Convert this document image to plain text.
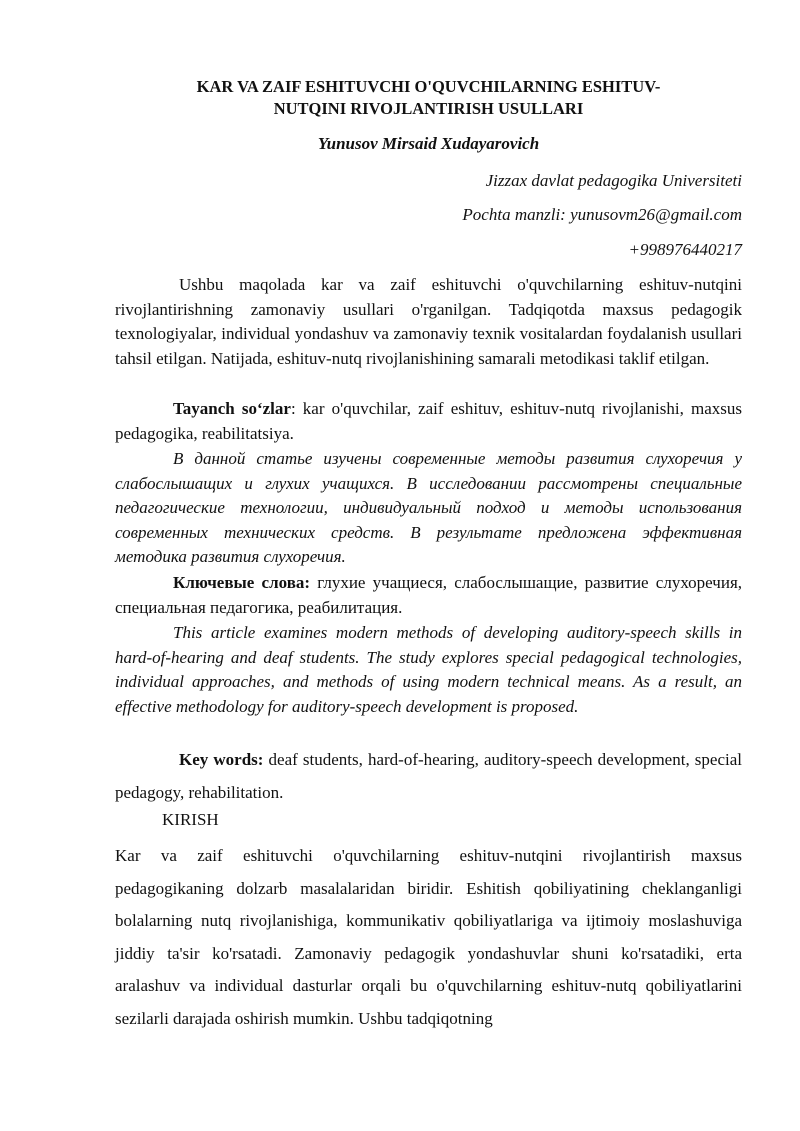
KAR VA ZAIF ESHITUVCHI O'QUVCHILARNING ESHITUV-
NUTQINI RIVOJLANTIRISH USULLARI
Yunusov Mirsaid Xudayarovich
Jizzax davlat pedagogika Universiteti
Pochta manzli: yunusovm26@gmail.com
+998976440217

Ushbu maqolada kar va zaif eshituvchi o'quvchilarning eshituv-nutqini rivojlantirishning zamonaviy usullari o'rganilgan. Tadqiqotda maxsus pedagogik texnologiyalar, individual yondashuv va zamonaviy texnik vositalardan foydalanish usullari tahsil etilgan. Natijada, eshituv-nutq rivojlanishining samarali metodikasi taklif etilgan.

Tayanch so‘zlar: kar o'quvchilar, zaif eshituv, eshituv-nutq rivojlanishi, maxsus pedagogika, reabilitatsiya.

В данной статье изучены современные методы развития слухоречия у слабослышащих и глухих учащихся. В исследовании рассмотрены специальные педагогические технологии, индивидуальный подход и методы использования современных технических средств. В результате предложена эффективная методика развития слухоречия.

Ключевые слова: глухие учащиеся, слабослышащие, развитие слухоречия, специальная педагогика, реабилитация.

This article examines modern methods of developing auditory-speech skills in hard-of-hearing and deaf students. The study explores special pedagogical technologies, individual approaches, and methods of using modern technical means. As a result, an effective methodology for auditory-speech development is proposed.

Key words: deaf students, hard-of-hearing, auditory-speech development, special pedagogy, rehabilitation.

KIRISH

Kar va zaif eshituvchi o'quvchilarning eshituv-nutqini rivojlantirish maxsus pedagogikaning dolzarb masalalaridan biridir. Eshitish qobiliyatining cheklanganligi bolalarning nutq rivojlanishiga, kommunikativ qobiliyatlariga va ijtimoiy moslashuviga jiddiy ta'sir ko'rsatadi. Zamonaviy pedagogik yondashuvlar shuni ko'rsatadiki, erta aralashuv va individual dasturlar orqali bu o'quvchilarning eshituv-nutq qobiliyatlarini sezilarli darajada oshirish mumkin. Ushbu tadqiqotning
